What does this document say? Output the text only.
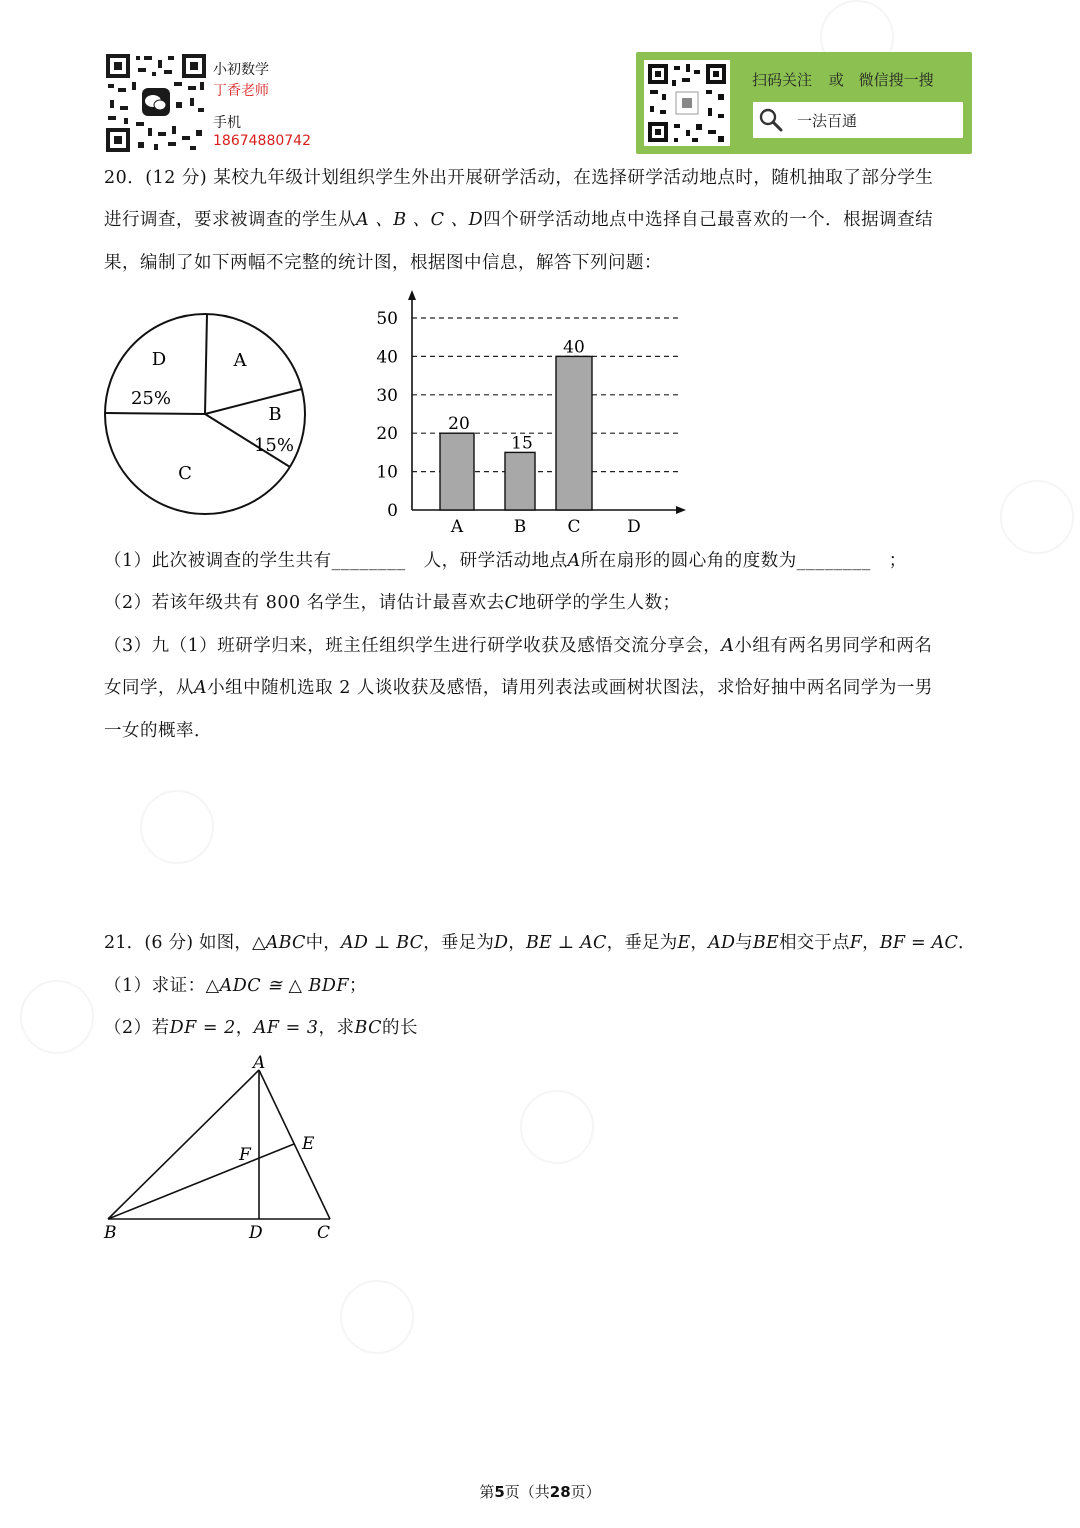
小初数学
丁香老师
手机
18674880742
扫码关注 或 微信搜一搜
一法百通
20．(12 分) 某校九年级计划组织学生外出开展研学活动，在选择研学活动地点时，随机抽取了部分学生
进行调查，要求被调查的学生从A 、B 、C 、D四个研学活动地点中选择自己最喜欢的一个．根据调查结
果，编制了如下两幅不完整的统计图，根据图中信息，解答下列问题：
A
B
15%
C
D
25%
0
10
20
30
40
50
20
A
15
B
40
C	D
（1）此次被调查的学生共有________　人，研学活动地点A所在扇形的圆心角的度数为________　；
（2）若该年级共有 800 名学生，请估计最喜欢去C地研学的学生人数；
（3）九（1）班研学归来，班主任组织学生进行研学收获及感悟交流分享会，A小组有两名男同学和两名
女同学，从A小组中随机选取 2 人谈收获及感悟，请用列表法或画树状图法，求恰好抽中两名同学为一男
一女的概率．
21．(6 分) 如图，△ABC中，AD ⊥ BC，垂足为D，BE ⊥ AC，垂足为E，AD与BE相交于点F，BF = AC．
（1）求证：△ADC ≅ △ BDF；
（2）若DF = 2，AF = 3，求BC的长
A
B	C
D
E
F
第5页（共28页）
